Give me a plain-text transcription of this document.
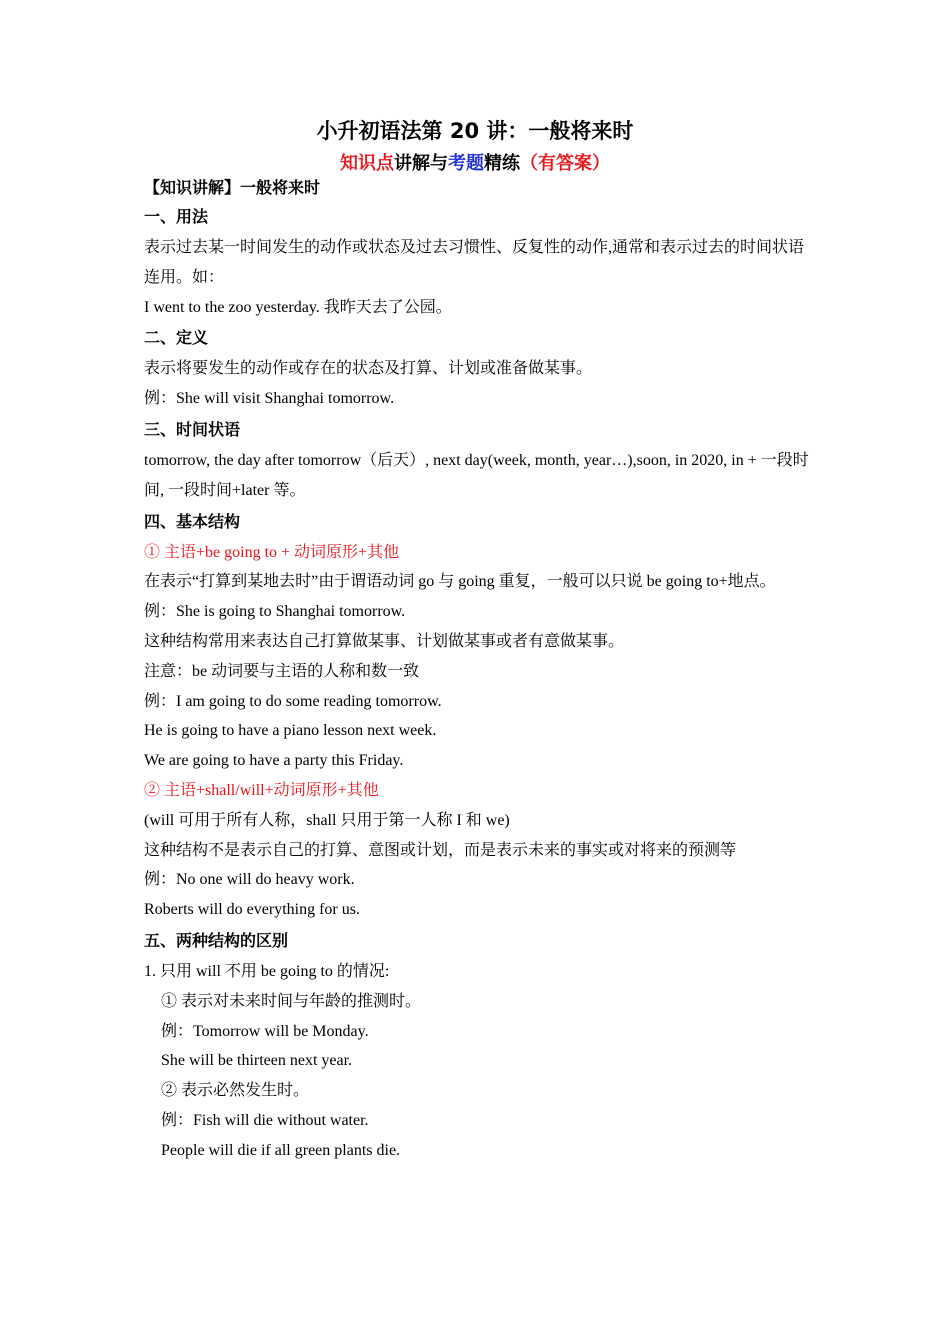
小升初语法第 20 讲：一般将来时
知识点讲解与考题精练（有答案）
【知识讲解】一般将来时
一、用法
表示过去某一时间发生的动作或状态及过去习惯性、反复性的动作,通常和表示过去的时间状语连用。如：
I went to the zoo yesterday. 我昨天去了公园。
二、定义
表示将要发生的动作或存在的状态及打算、计划或准备做某事。
例：She will visit Shanghai tomorrow.
三、时间状语
tomorrow, the day after tomorrow（后天）, next day(week, month, year…),soon, in 2020, in + 一段时间, 一段时间+later 等。
四、基本结构
① 主语+be going to + 动词原形+其他
在表示“打算到某地去时”由于谓语动词 go 与 going 重复，一般可以只说 be going to+地点。
例：She is going to Shanghai tomorrow.
这种结构常用来表达自己打算做某事、计划做某事或者有意做某事。
注意：be 动词要与主语的人称和数一致
例：I am going to do some reading tomorrow.
He is going to have a piano lesson next week.
We are going to have a party this Friday.
② 主语+shall/will+动词原形+其他
(will 可用于所有人称，shall 只用于第一人称 I 和 we)
这种结构不是表示自己的打算、意图或计划，而是表示未来的事实或对将来的预测等
例：No one will do heavy work.
Roberts will do everything for us.
五、两种结构的区别
1. 只用 will 不用 be going to 的情况:
① 表示对未来时间与年龄的推测时。
例：Tomorrow will be Monday.
She will be thirteen next year.
② 表示必然发生时。
例：Fish will die without water.
People will die if all green plants die.
